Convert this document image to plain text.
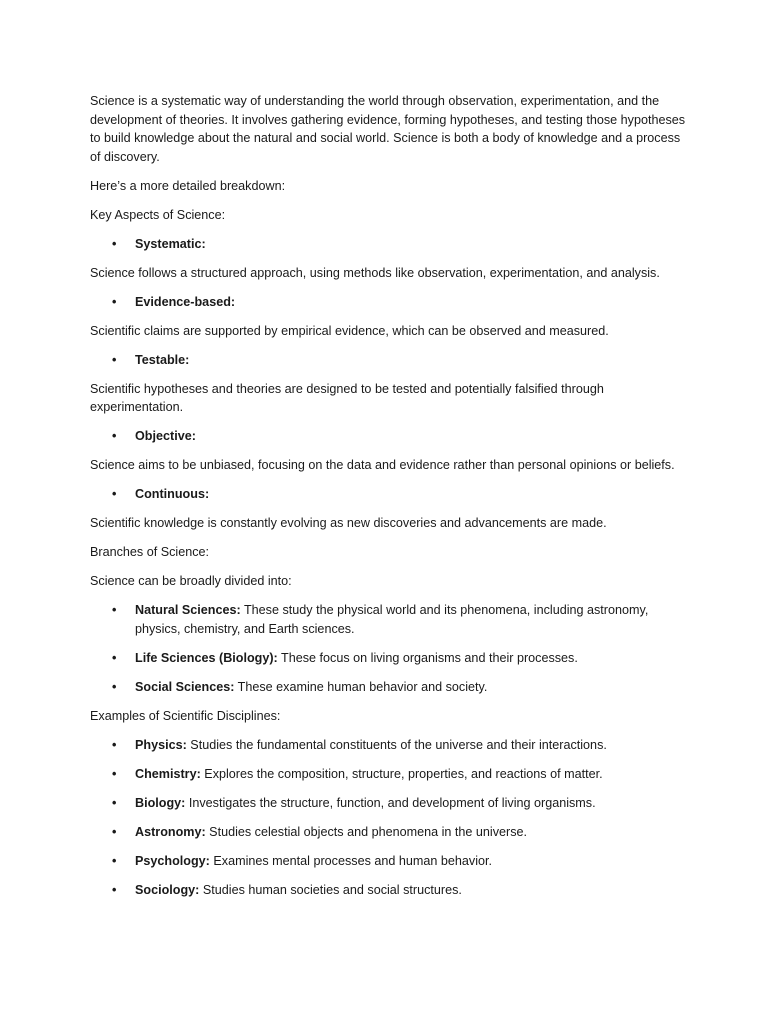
Science is a systematic way of understanding the world through observation, experimentation, and the development of theories. It involves gathering evidence, forming hypotheses, and testing those hypotheses to build knowledge about the natural and social world. Science is both a body of knowledge and a process of discovery.

Here’s a more detailed breakdown:

Key Aspects of Science:

• Systematic:

Science follows a structured approach, using methods like observation, experimentation, and analysis.

• Evidence-based:

Scientific claims are supported by empirical evidence, which can be observed and measured.

• Testable:

Scientific hypotheses and theories are designed to be tested and potentially falsified through experimentation.

• Objective:

Science aims to be unbiased, focusing on the data and evidence rather than personal opinions or beliefs.

• Continuous:

Scientific knowledge is constantly evolving as new discoveries and advancements are made.

Branches of Science:

Science can be broadly divided into:

• Natural Sciences: These study the physical world and its phenomena, including astronomy, physics, chemistry, and Earth sciences.
• Life Sciences (Biology): These focus on living organisms and their processes.
• Social Sciences: These examine human behavior and society.

Examples of Scientific Disciplines:

• Physics: Studies the fundamental constituents of the universe and their interactions.
• Chemistry: Explores the composition, structure, properties, and reactions of matter.
• Biology: Investigates the structure, function, and development of living organisms.
• Astronomy: Studies celestial objects and phenomena in the universe.
• Psychology: Examines mental processes and human behavior.
• Sociology: Studies human societies and social structures.
